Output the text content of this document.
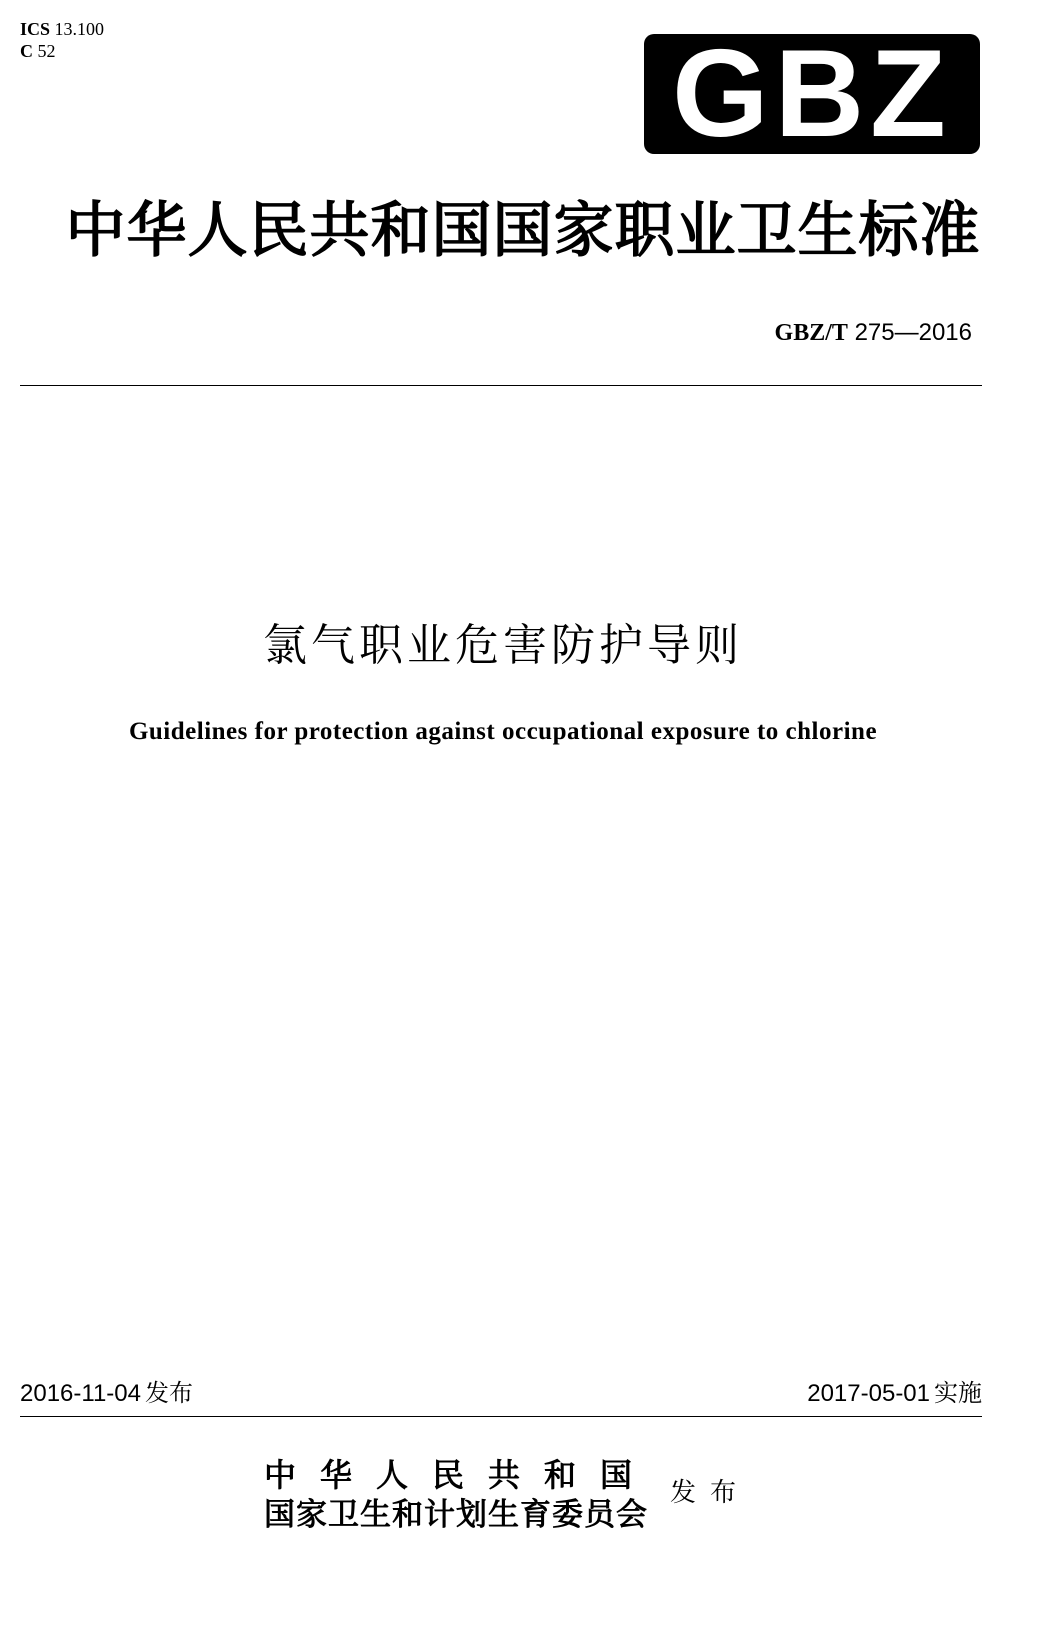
ICS 13.100
C 52	GBZ
中华人民共和国国家职业卫生标准
GBZ/T 275—2016
氯气职业危害防护导则
Guidelines for protection against occupational exposure to chlorine
2016-11-04 发布	2017-05-01 实施
中华人民共和国
国家卫生和计划生育委员会
发布
